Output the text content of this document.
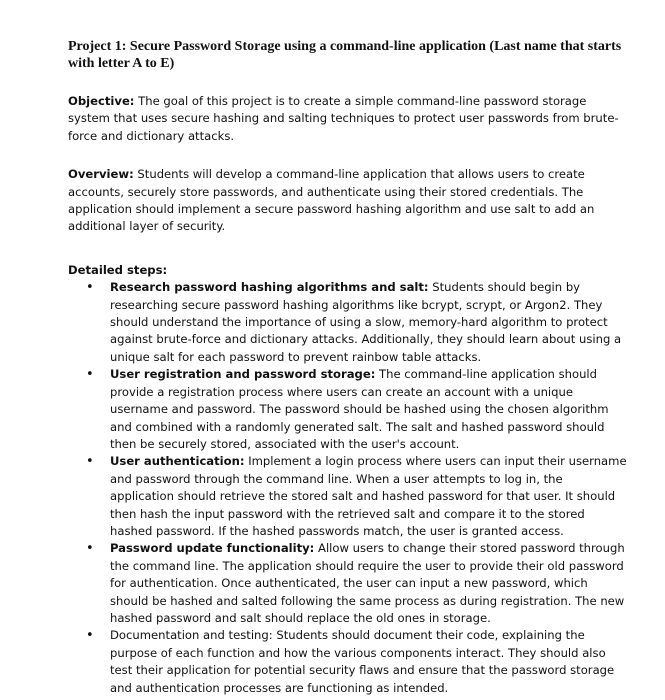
Project 1: Secure Password Storage using a command-line application (Last name that starts with letter A to E)

Objective: The goal of this project is to create a simple command-line password storage system that uses secure hashing and salting techniques to protect user passwords from brute-force and dictionary attacks.

Overview: Students will develop a command-line application that allows users to create accounts, securely store passwords, and authenticate using their stored credentials. The application should implement a secure password hashing algorithm and use salt to add an additional layer of security.

Detailed steps:

• Research password hashing algorithms and salt: Students should begin by researching secure password hashing algorithms like bcrypt, scrypt, or Argon2. They should understand the importance of using a slow, memory-hard algorithm to protect against brute-force and dictionary attacks. Additionally, they should learn about using a unique salt for each password to prevent rainbow table attacks.
• User registration and password storage: The command-line application should provide a registration process where users can create an account with a unique username and password. The password should be hashed using the chosen algorithm and combined with a randomly generated salt. The salt and hashed password should then be securely stored, associated with the user's account.
• User authentication: Implement a login process where users can input their username and password through the command line. When a user attempts to log in, the application should retrieve the stored salt and hashed password for that user. It should then hash the input password with the retrieved salt and compare it to the stored hashed password. If the hashed passwords match, the user is granted access.
• Password update functionality: Allow users to change their stored password through the command line. The application should require the user to provide their old password for authentication. Once authenticated, the user can input a new password, which should be hashed and salted following the same process as during registration. The new hashed password and salt should replace the old ones in storage.
• Documentation and testing: Students should document their code, explaining the purpose of each function and how the various components interact. They should also test their application for potential security flaws and ensure that the password storage and authentication processes are functioning as intended.
